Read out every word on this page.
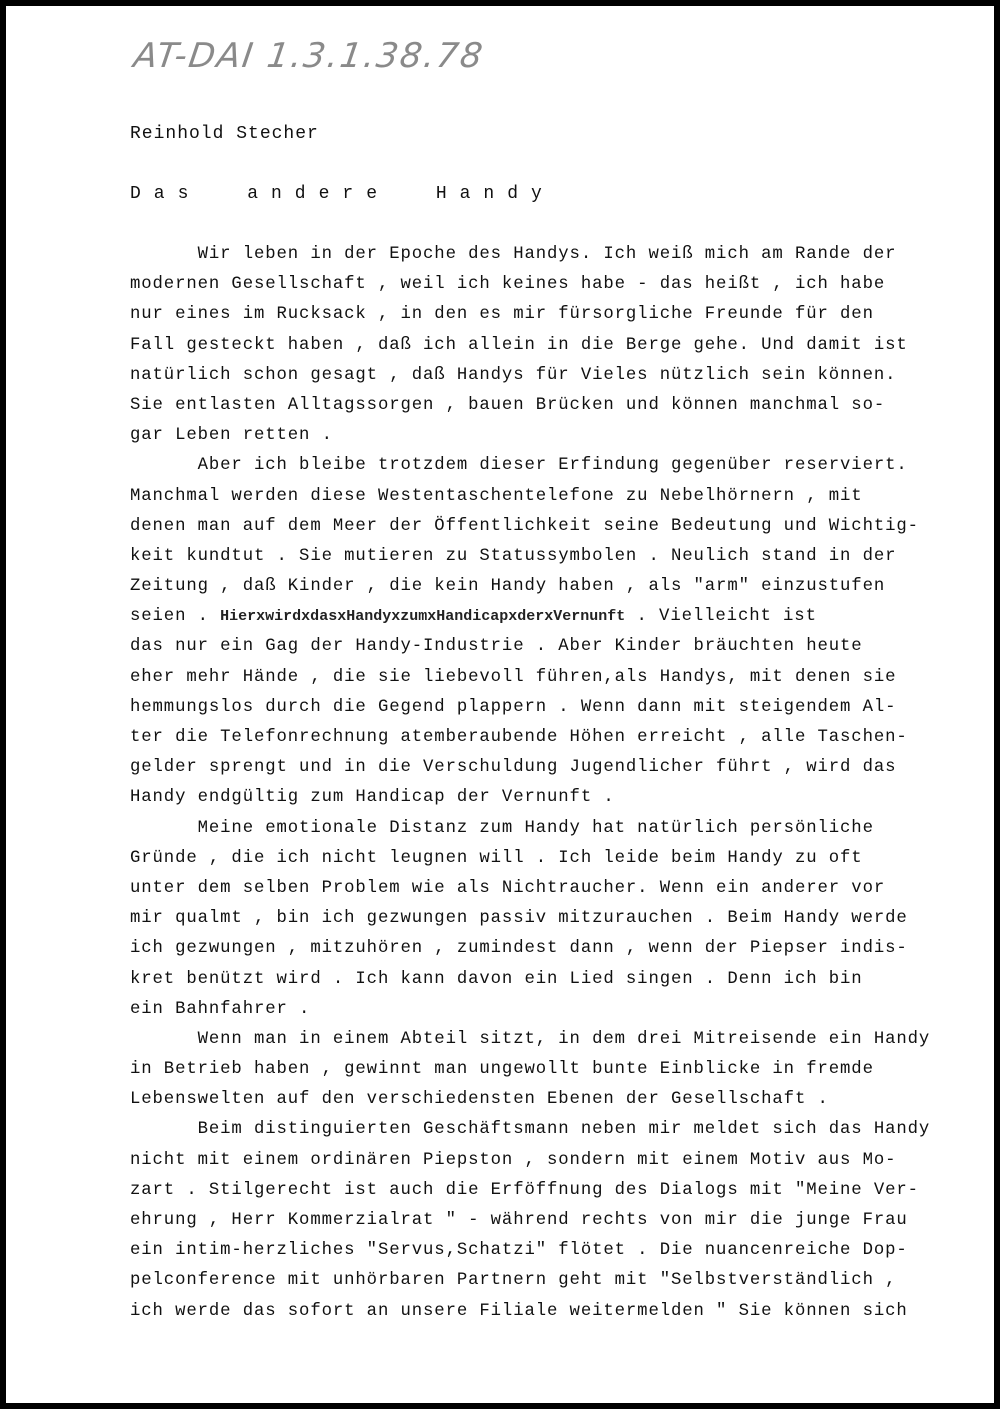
AT-DAI 1.3.1.38.78
Reinhold Stecher
Das andere Handy
Wir leben in der Epoche des Handys. Ich weiß mich am Rande der
modernen Gesellschaft , weil ich keines habe - das heißt , ich habe
nur eines im Rucksack , in den es mir fürsorgliche Freunde für den
Fall gesteckt haben , daß ich allein in die Berge gehe. Und damit ist
natürlich schon gesagt , daß Handys für Vieles nützlich sein können.
Sie entlasten Alltagssorgen , bauen Brücken und können manchmal so-
gar Leben retten .
Aber ich bleibe trotzdem dieser Erfindung gegenüber reserviert.
Manchmal werden diese Westentaschentelefone zu Nebelhörnern , mit
denen man auf dem Meer der Öffentlichkeit seine Bedeutung und Wichtig-
keit kundtut . Sie mutieren zu Statussymbolen . Neulich stand in der
Zeitung , daß Kinder , die kein Handy haben , als "arm" einzustufen
seien . HierxwirdxdasxHandyxzumxHandicapxderxVernunft . Vielleicht ist
das nur ein Gag der Handy-Industrie . Aber Kinder bräuchten heute
eher mehr Hände , die sie liebevoll führen,als Handys, mit denen sie
hemmungslos durch die Gegend plappern . Wenn dann mit steigendem Al-
ter die Telefonrechnung atemberaubende Höhen erreicht , alle Taschen-
gelder sprengt und in die Verschuldung Jugendlicher führt , wird das
Handy endgültig zum Handicap der Vernunft .
Meine emotionale Distanz zum Handy hat natürlich persönliche
Gründe , die ich nicht leugnen will . Ich leide beim Handy zu oft
unter dem selben Problem wie als Nichtraucher. Wenn ein anderer vor
mir qualmt , bin ich gezwungen passiv mitzurauchen . Beim Handy werde
ich gezwungen , mitzuhören , zumindest dann , wenn der Piepser indis-
kret benützt wird . Ich kann davon ein Lied singen . Denn ich bin
ein Bahnfahrer .
Wenn man in einem Abteil sitzt, in dem drei Mitreisende ein Handy
in Betrieb haben , gewinnt man ungewollt bunte Einblicke in fremde
Lebenswelten auf den verschiedensten Ebenen der Gesellschaft .
Beim distinguierten Geschäftsmann neben mir meldet sich das Handy
nicht mit einem ordinären Piepston , sondern mit einem Motiv aus Mo-
zart . Stilgerecht ist auch die Erföffnung des Dialogs mit "Meine Ver-
ehrung , Herr Kommerzialrat " - während rechts von mir die junge Frau
ein intim-herzliches "Servus,Schatzi" flötet . Die nuancenreiche Dop-
pelconference mit unhörbaren Partnern geht mit "Selbstverständlich ,
ich werde das sofort an unsere Filiale weitermelden " Sie können sich
